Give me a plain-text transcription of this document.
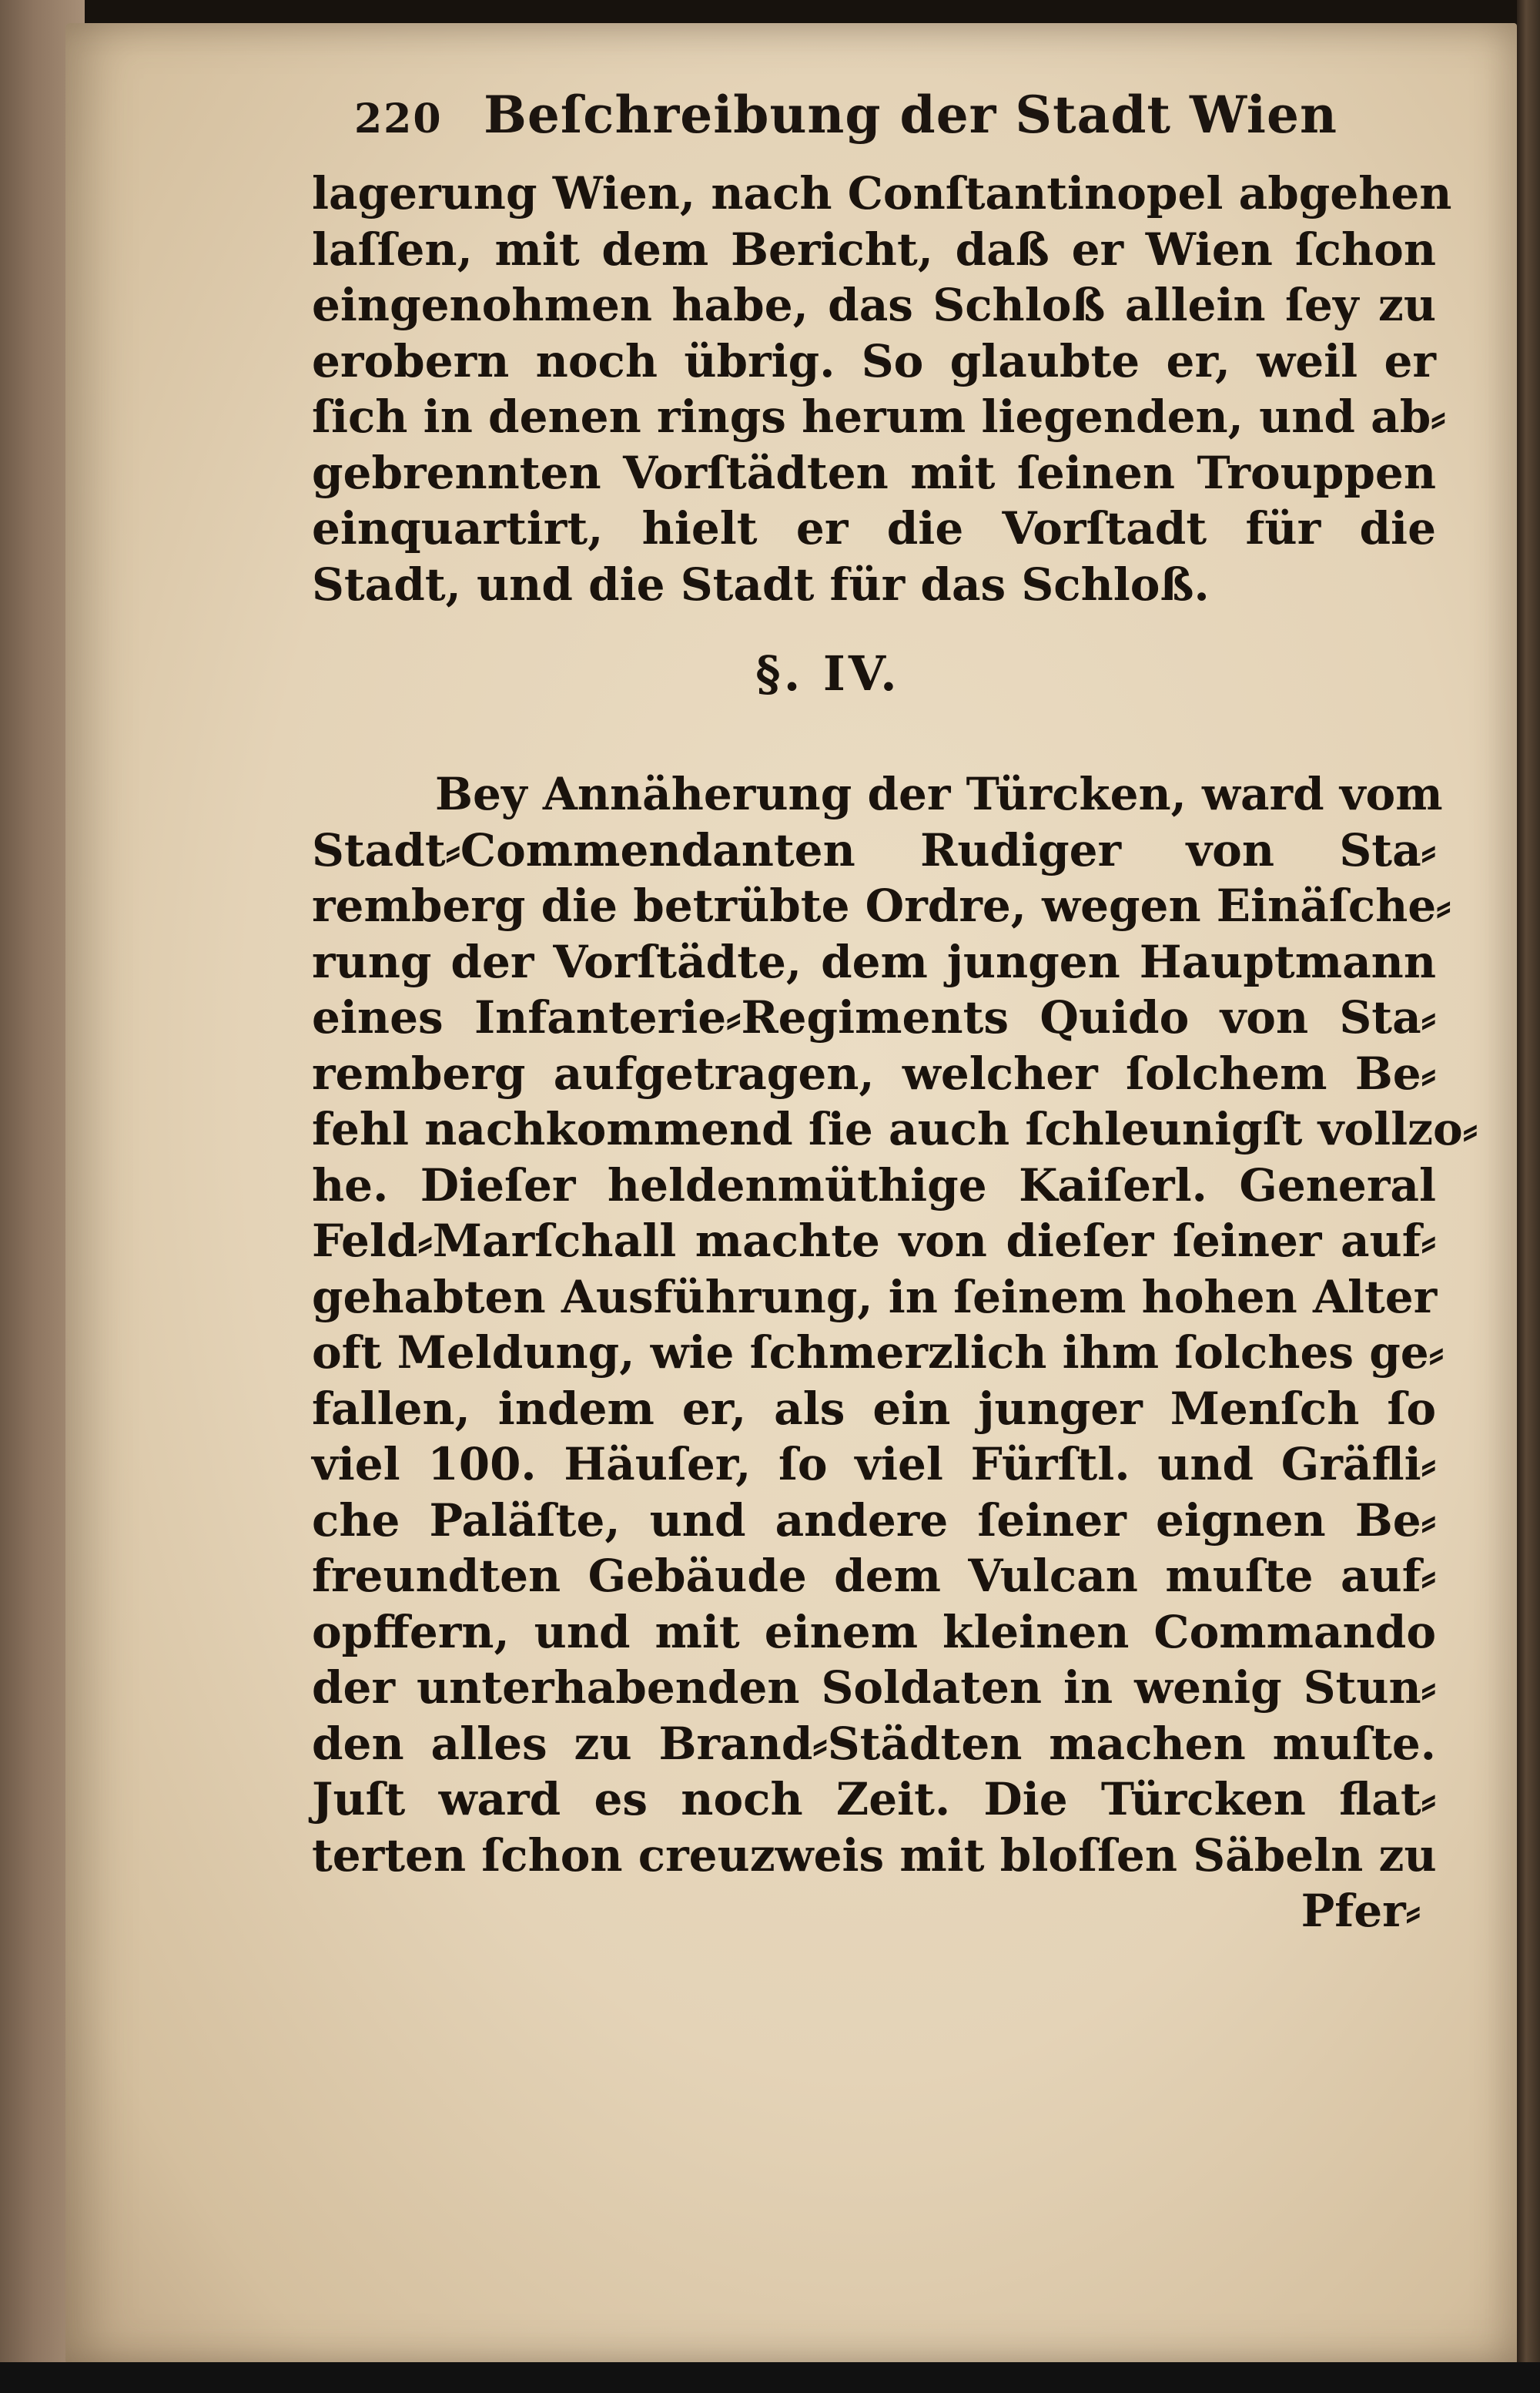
220 Beſchreibung der Stadt Wien
lagerung Wien, nach Conſtantinopel abgehen
laſſen, mit dem Bericht, daß er Wien ſchon
eingenohmen habe, das Schloß allein ſey zu
erobern noch übrig. So glaubte er, weil er
ſich in denen rings herum liegenden, und ab⸗
gebrennten Vorſtädten mit ſeinen Trouppen
einquartirt, hielt er die Vorſtadt für die
Stadt, und die Stadt für das Schloß.
§. IV.
Bey Annäherung der Türcken, ward vom
Stadt⸗Commendanten Rudiger von Sta⸗
remberg die betrübte Ordre, wegen Einäſche⸗
rung der Vorſtädte, dem jungen Hauptmann
eines Infanterie⸗Regiments Quido von Sta⸗
remberg aufgetragen, welcher ſolchem Be⸗
fehl nachkommend ſie auch ſchleunigſt vollzo⸗
he. Dieſer heldenmüthige Kaiſerl. General
Feld⸗Marſchall machte von dieſer ſeiner auf⸗
gehabten Ausführung, in ſeinem hohen Alter
oft Meldung, wie ſchmerzlich ihm ſolches ge⸗
fallen, indem er, als ein junger Menſch ſo
viel 100. Häuſer, ſo viel Fürſtl. und Gräfli⸗
che Paläſte, und andere ſeiner eignen Be⸗
freundten Gebäude dem Vulcan muſte auf⸗
opffern, und mit einem kleinen Commando
der unterhabenden Soldaten in wenig Stun⸗
den alles zu Brand⸗Städten machen muſte.
Juſt ward es noch Zeit. Die Türcken flat⸗
terten ſchon creuzweis mit bloſſen Säbeln zu
Pfer⸗
